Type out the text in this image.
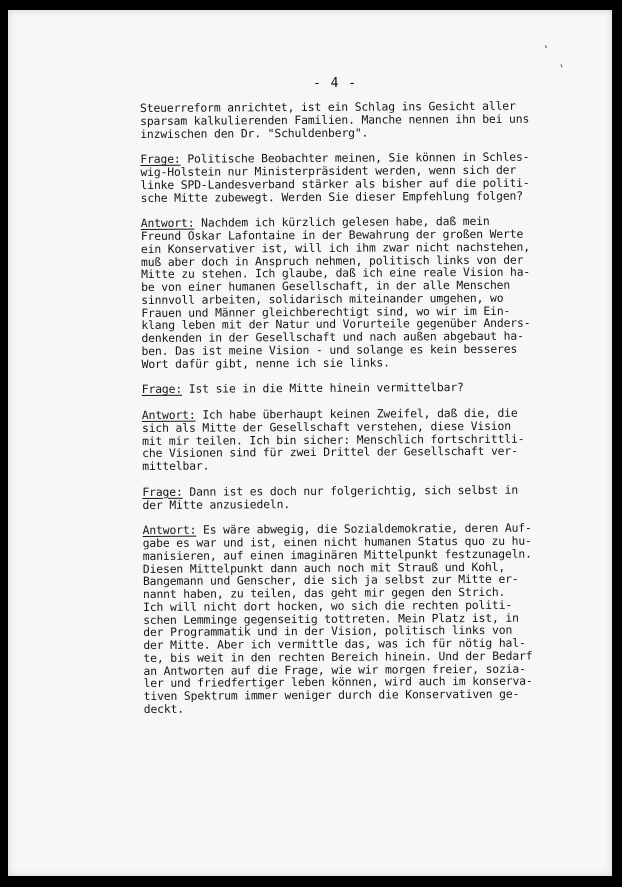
ˎ
ˎ
- 4 -
Steuerreform anrichtet, ist ein Schlag ins Gesicht aller
sparsam kalkulierenden Familien. Manche nennen ihn bei uns
inzwischen den Dr. "Schuldenberg".
Frage: Politische Beobachter meinen, Sie können in Schles-
wig-Holstein nur Ministerpräsident werden, wenn sich der
linke SPD-Landesverband stärker als bisher auf die politi-
sche Mitte zubewegt. Werden Sie dieser Empfehlung folgen?
Antwort: Nachdem ich kürzlich gelesen habe, daß mein
Freund Oskar Lafontaine in der Bewahrung der großen Werte
ein Konservativer ist, will ich ihm zwar nicht nachstehen,
muß aber doch in Anspruch nehmen, politisch links von der
Mitte zu stehen. Ich glaube, daß ich eine reale Vision ha-
be von einer humanen Gesellschaft, in der alle Menschen
sinnvoll arbeiten, solidarisch miteinander umgehen, wo
Frauen und Männer gleichberechtigt sind, wo wir im Ein-
klang leben mit der Natur und Vorurteile gegenüber Anders-
denkenden in der Gesellschaft und nach außen abgebaut ha-
ben. Das ist meine Vision - und solange es kein besseres
Wort dafür gibt, nenne ich sie links.
Frage: Ist sie in die Mitte hinein vermittelbar?
Antwort: Ich habe überhaupt keinen Zweifel, daß die, die
sich als Mitte der Gesellschaft verstehen, diese Vision
mit mir teilen. Ich bin sicher: Menschlich fortschrittli-
che Visionen sind für zwei Drittel der Gesellschaft ver-
mittelbar.
Frage: Dann ist es doch nur folgerichtig, sich selbst in
der Mitte anzusiedeln.
Antwort: Es wäre abwegig, die Sozialdemokratie, deren Auf-
gabe es war und ist, einen nicht humanen Status quo zu hu-
manisieren, auf einen imaginären Mittelpunkt festzunageln.
Diesen Mittelpunkt dann auch noch mit Strauß und Kohl,
Bangemann und Genscher, die sich ja selbst zur Mitte er-
nannt haben, zu teilen, das geht mir gegen den Strich.
Ich will nicht dort hocken, wo sich die rechten politi-
schen Lemminge gegenseitig tottreten. Mein Platz ist, in
der Programmatik und in der Vision, politisch links von
der Mitte. Aber ich vermittle das, was ich für nötig hal-
te, bis weit in den rechten Bereich hinein. Und der Bedarf
an Antworten auf die Frage, wie wir morgen freier, sozia-
ler und friedfertiger leben können, wird auch im konserva-
tiven Spektrum immer weniger durch die Konservativen ge-
deckt.
